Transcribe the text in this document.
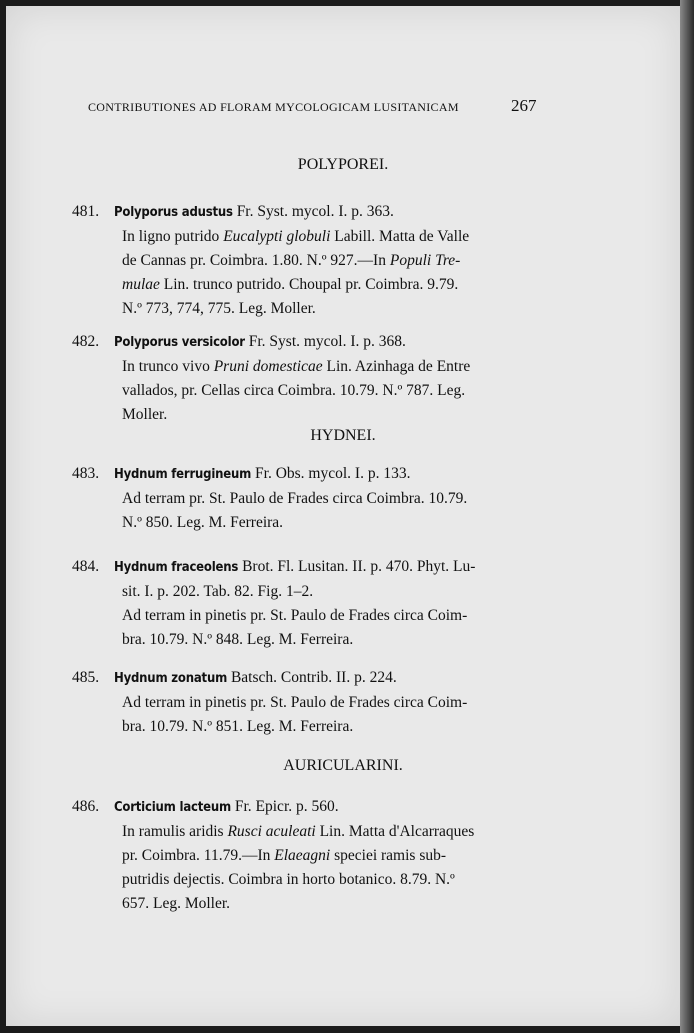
CONTRIBUTIONES AD FLORAM MYCOLOGICAM LUSITANICAM	267
POLYPOREI.
HYDNEI.
AURICULARINI.
481. Polyporus adustus Fr. Syst. mycol. I. p. 363.
In ligno putrido Eucalypti globuli Labill. Matta de Valle
de Cannas pr. Coimbra. 1.80. N.º 927.—In Populi Tre-
mulae Lin. trunco putrido. Choupal pr. Coimbra. 9.79.
N.º 773, 774, 775. Leg. Moller.
482. Polyporus versicolor Fr. Syst. mycol. I. p. 368.
In trunco vivo Pruni domesticae Lin. Azinhaga de Entre
vallados, pr. Cellas circa Coimbra. 10.79. N.º 787. Leg.
Moller.
483. Hydnum ferrugineum Fr. Obs. mycol. I. p. 133.
Ad terram pr. St. Paulo de Frades circa Coimbra. 10.79.
N.º 850. Leg. M. Ferreira.
484. Hydnum fraceolens Brot. Fl. Lusitan. II. p. 470. Phyt. Lu-
sit. I. p. 202. Tab. 82. Fig. 1–2.
Ad terram in pinetis pr. St. Paulo de Frades circa Coim-
bra. 10.79. N.º 848. Leg. M. Ferreira.
485. Hydnum zonatum Batsch. Contrib. II. p. 224.
Ad terram in pinetis pr. St. Paulo de Frades circa Coim-
bra. 10.79. N.º 851. Leg. M. Ferreira.
486. Corticium lacteum Fr. Epicr. p. 560.
In ramulis aridis Rusci aculeati Lin. Matta d'Alcarraques
pr. Coimbra. 11.79.—In Elaeagni speciei ramis sub-
putridis dejectis. Coimbra in horto botanico. 8.79. N.º
657. Leg. Moller.
